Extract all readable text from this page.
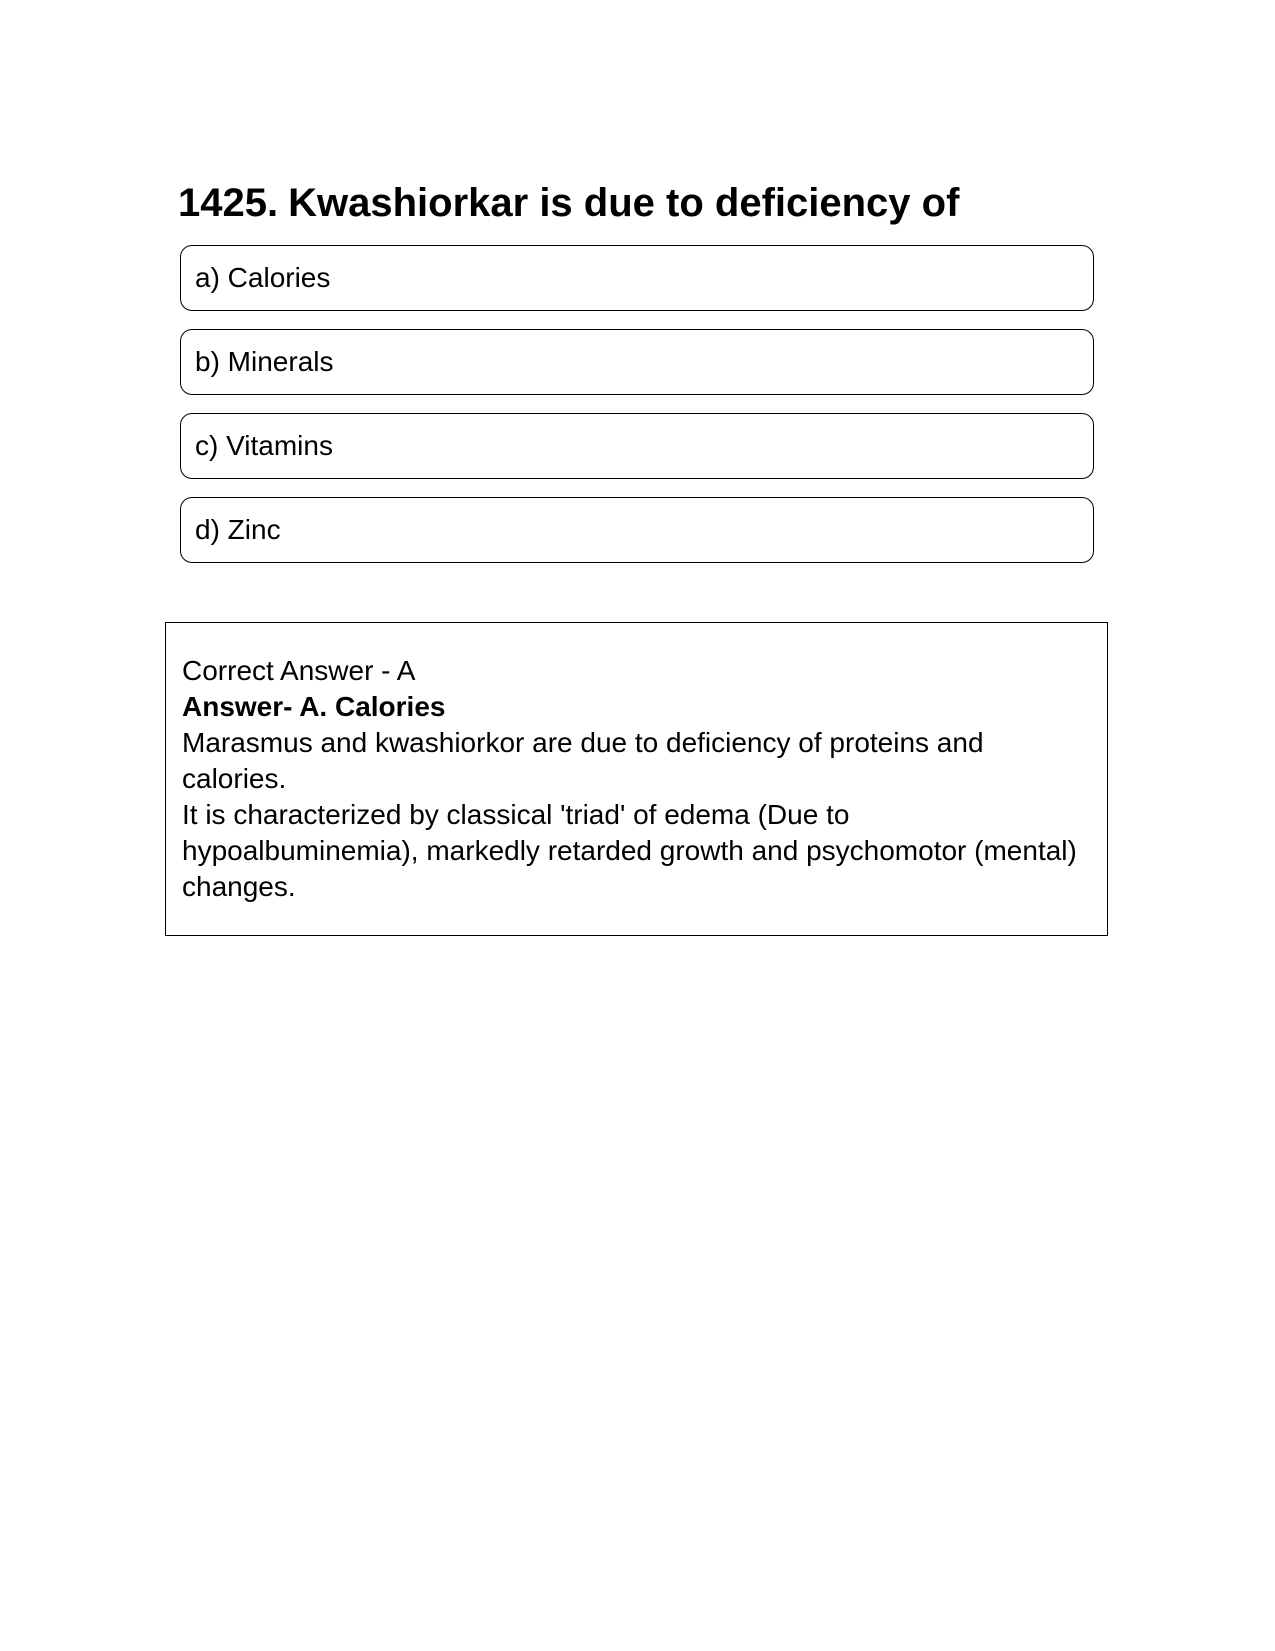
1425. Kwashiorkar is due to deficiency of
a) Calories
b) Minerals
c) Vitamins
d) Zinc

Correct Answer - A

Answer- A. Calories

Marasmus and kwashiorkor are due to deficiency of proteins and calories.

It is characterized by classical 'triad' of edema (Due to hypoalbuminemia), markedly retarded growth and psychomotor (mental) changes.
